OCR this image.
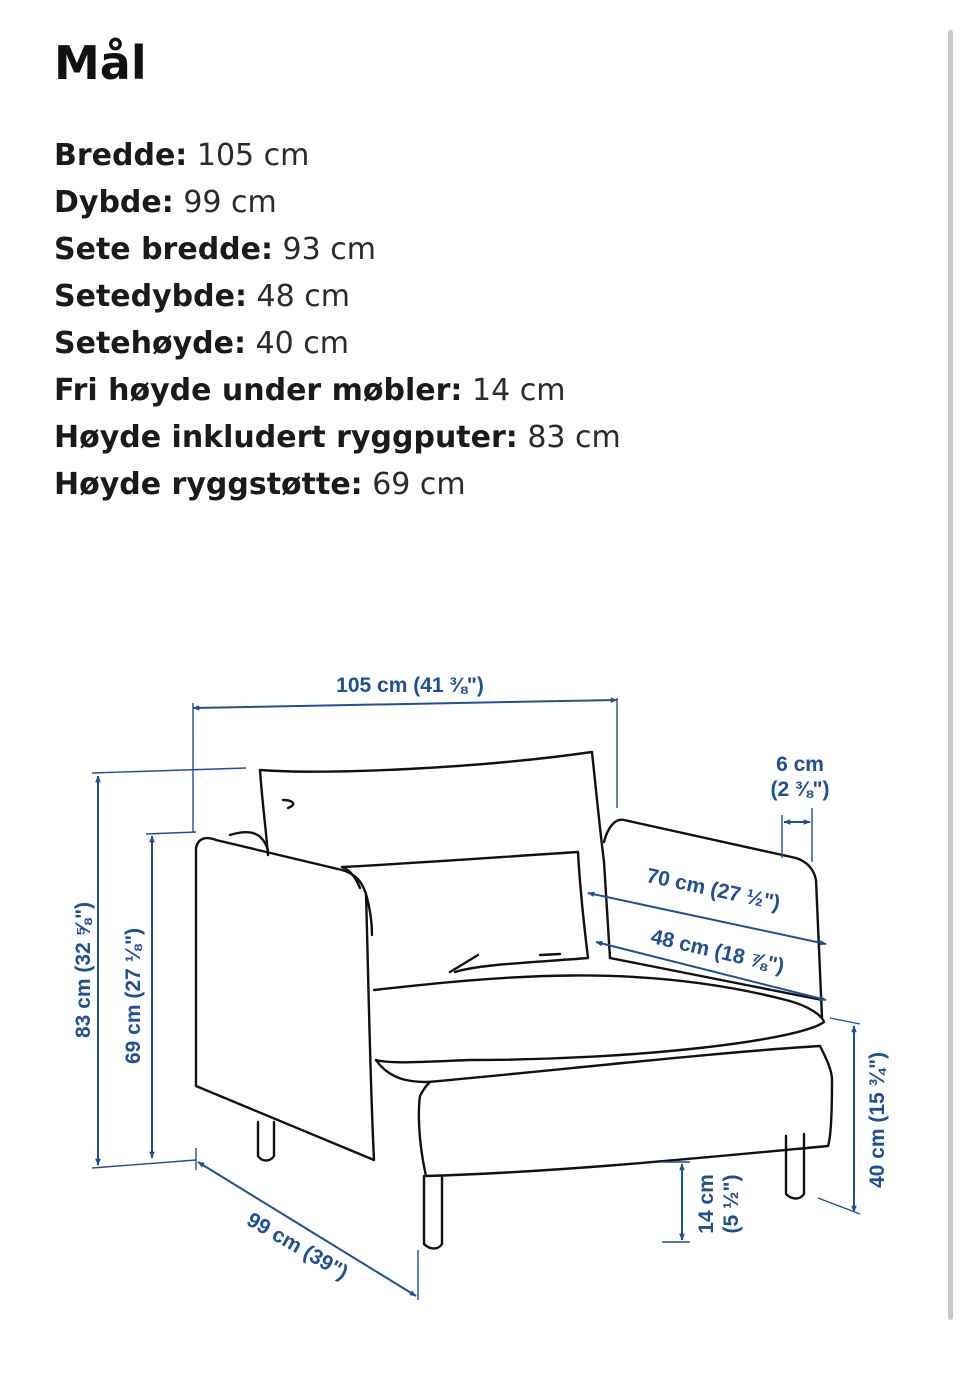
Mål
Bredde: 105 cm
Dybde: 99 cm
Sete bredde: 93 cm
Setedybde: 48 cm
Setehøyde: 40 cm
Fri høyde under møbler: 14 cm
Høyde inkludert ryggputer: 83 cm
Høyde ryggstøtte: 69 cm
105 cm (41 ⅜")
6 cm
(2 ⅜")
70 cm (27 ½")
48 cm (18 ⅞")
83 cm (32 ⅝") 69 cm (27 ⅛")
99 cm (39")
14 cm (5 ½")
40 cm (15 ¾")
